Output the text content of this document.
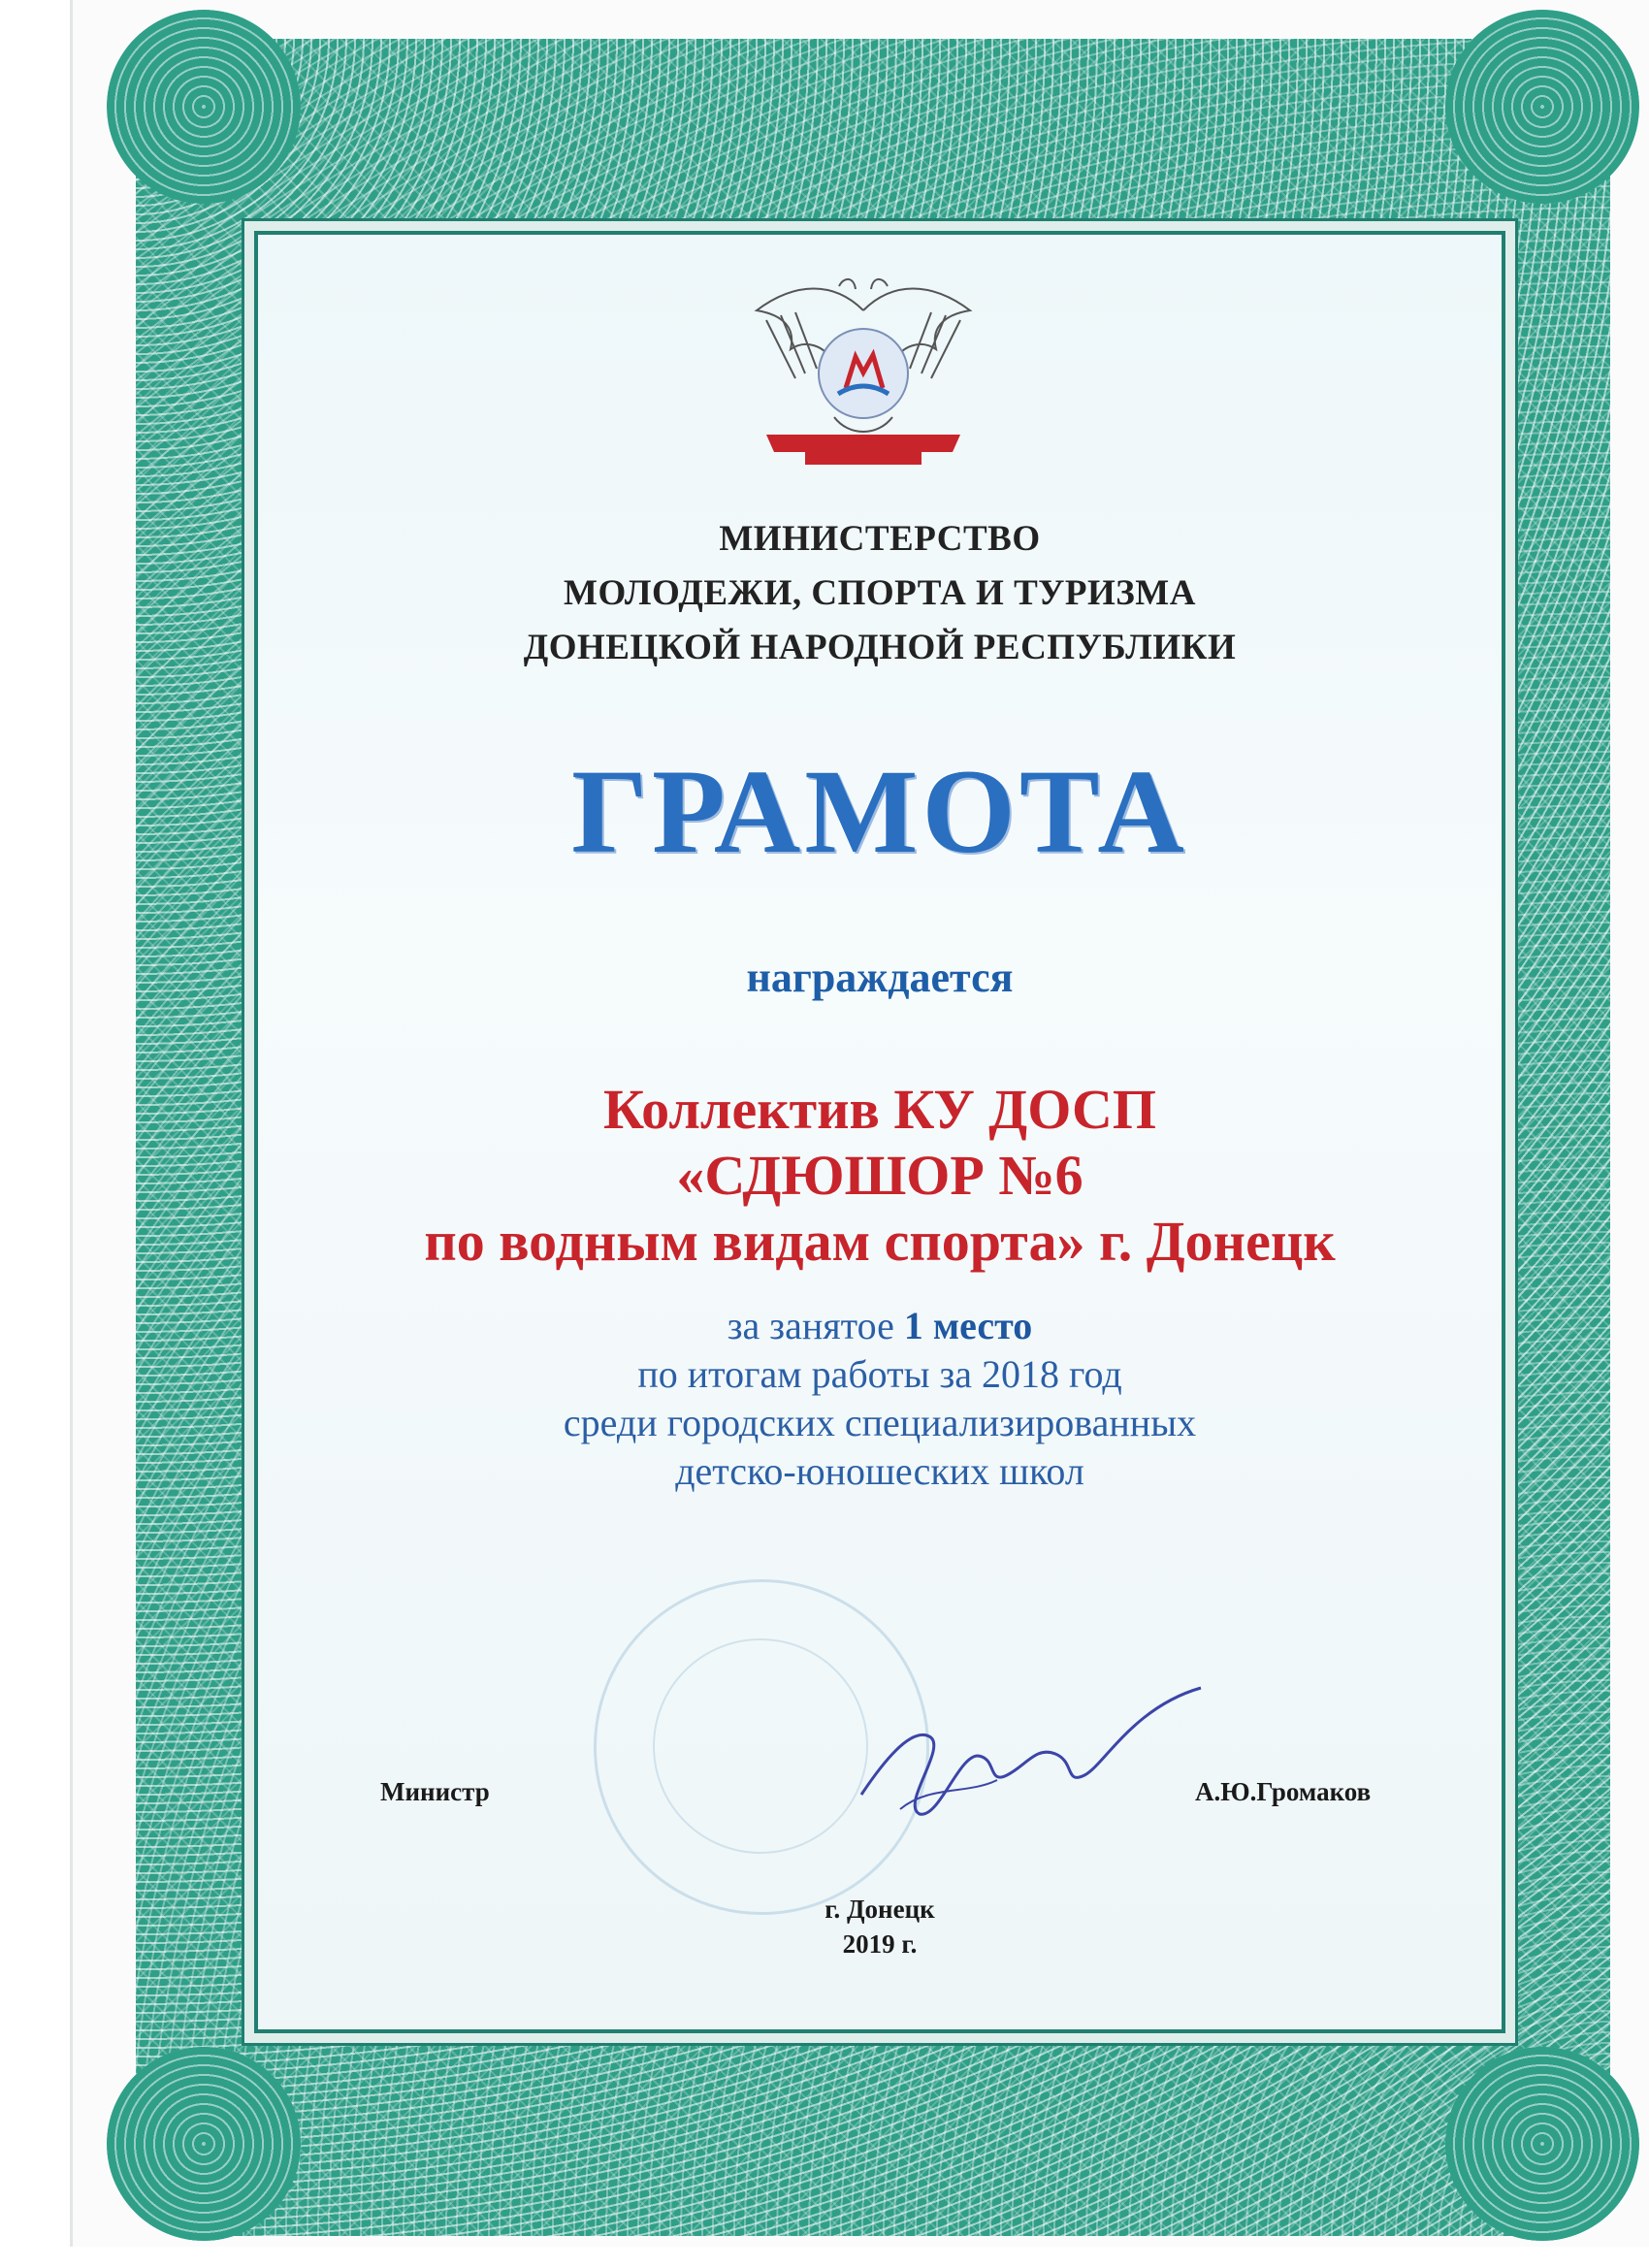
МИНИСТЕРСТВО
МОЛОДЕЖИ, СПОРТА И ТУРИЗМА
ДОНЕЦКОЙ НАРОДНОЙ РЕСПУБЛИКИ
ГРАМОТА
награждается
Коллектив КУ ДОСП
«СДЮШОР №6
по водным видам спорта» г. Донецк
за занятое 1 место
по итогам работы за 2018 год
среди городских специализированных
детско-юношеских школ
Министр	А.Ю.Громаков
г. Донецк
2019 г.
